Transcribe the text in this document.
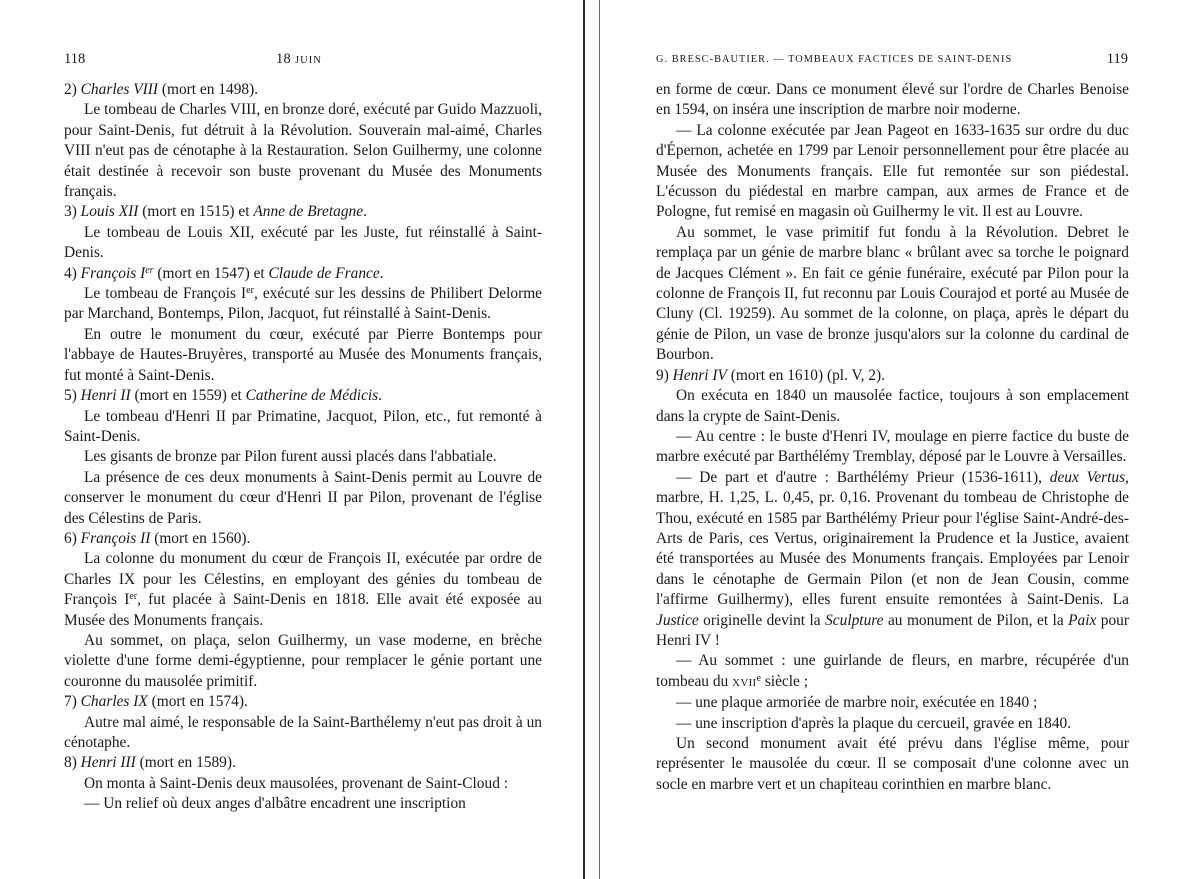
118	18 JUIN

2) Charles VIII (mort en 1498).

Le tombeau de Charles VIII, en bronze doré, exécuté par Guido Mazzuoli, pour Saint-Denis, fut détruit à la Révolution. Souverain mal-aimé, Charles VIII n'eut pas de cénotaphe à la Restauration. Selon Guilhermy, une colonne était destinée à recevoir son buste provenant du Musée des Monuments français.

3) Louis XII (mort en 1515) et Anne de Bretagne.

Le tombeau de Louis XII, exécuté par les Juste, fut réinstallé à Saint-Denis.

4) François Ier (mort en 1547) et Claude de France.

Le tombeau de François Ier, exécuté sur les dessins de Philibert Delorme par Marchand, Bontemps, Pilon, Jacquot, fut réinstallé à Saint-Denis.

En outre le monument du cœur, exécuté par Pierre Bontemps pour l'abbaye de Hautes-Bruyères, transporté au Musée des Monuments français, fut monté à Saint-Denis.

5) Henri II (mort en 1559) et Catherine de Médicis.

Le tombeau d'Henri II par Primatine, Jacquot, Pilon, etc., fut remonté à Saint-Denis.

Les gisants de bronze par Pilon furent aussi placés dans l'abbatiale.

La présence de ces deux monuments à Saint-Denis permit au Louvre de conserver le monument du cœur d'Henri II par Pilon, provenant de l'église des Célestins de Paris.

6) François II (mort en 1560).

La colonne du monument du cœur de François II, exécutée par ordre de Charles IX pour les Célestins, en employant des génies du tombeau de François Ier, fut placée à Saint-Denis en 1818. Elle avait été exposée au Musée des Monuments français.

Au sommet, on plaça, selon Guilhermy, un vase moderne, en brèche violette d'une forme demi-égyptienne, pour remplacer le génie portant une couronne du mausolée primitif.

7) Charles IX (mort en 1574).

Autre mal aimé, le responsable de la Saint-Barthélemy n'eut pas droit à un cénotaphe.

8) Henri III (mort en 1589).

On monta à Saint-Denis deux mausolées, provenant de Saint-Cloud :

— Un relief où deux anges d'albâtre encadrent une inscription

G. BRESC-BAUTIER. — TOMBEAUX FACTICES DE SAINT-DENIS	119

en forme de cœur. Dans ce monument élevé sur l'ordre de Charles Benoise en 1594, on inséra une inscription de marbre noir moderne.

— La colonne exécutée par Jean Pageot en 1633-1635 sur ordre du duc d'Épernon, achetée en 1799 par Lenoir personnellement pour être placée au Musée des Monuments français. Elle fut remontée sur son piédestal. L'écusson du piédestal en marbre campan, aux armes de France et de Pologne, fut remisé en magasin où Guilhermy le vit. Il est au Louvre.

Au sommet, le vase primitif fut fondu à la Révolution. Debret le remplaça par un génie de marbre blanc « brûlant avec sa torche le poignard de Jacques Clément ». En fait ce génie funéraire, exécuté par Pilon pour la colonne de François II, fut reconnu par Louis Courajod et porté au Musée de Cluny (Cl. 19259). Au sommet de la colonne, on plaça, après le départ du génie de Pilon, un vase de bronze jusqu'alors sur la colonne du cardinal de Bourbon.

9) Henri IV (mort en 1610) (pl. V, 2).

On exécuta en 1840 un mausolée factice, toujours à son emplacement dans la crypte de Saint-Denis.

— Au centre : le buste d'Henri IV, moulage en pierre factice du buste de marbre exécuté par Barthélémy Tremblay, déposé par le Louvre à Versailles.

— De part et d'autre : Barthélémy Prieur (1536-1611), deux Vertus, marbre, H. 1,25, L. 0,45, pr. 0,16. Provenant du tombeau de Christophe de Thou, exécuté en 1585 par Barthélémy Prieur pour l'église Saint-André-des-Arts de Paris, ces Vertus, originairement la Prudence et la Justice, avaient été transportées au Musée des Monuments français. Employées par Lenoir dans le cénotaphe de Germain Pilon (et non de Jean Cousin, comme l'affirme Guilhermy), elles furent ensuite remontées à Saint-Denis. La Justice originelle devint la Sculpture au monument de Pilon, et la Paix pour Henri IV !

— Au sommet : une guirlande de fleurs, en marbre, récupérée d'un tombeau du XVIIe siècle ;

— une plaque armoriée de marbre noir, exécutée en 1840 ;

— une inscription d'après la plaque du cercueil, gravée en 1840.

Un second monument avait été prévu dans l'église même, pour représenter le mausolée du cœur. Il se composait d'une colonne avec un socle en marbre vert et un chapiteau corinthien en marbre blanc.
